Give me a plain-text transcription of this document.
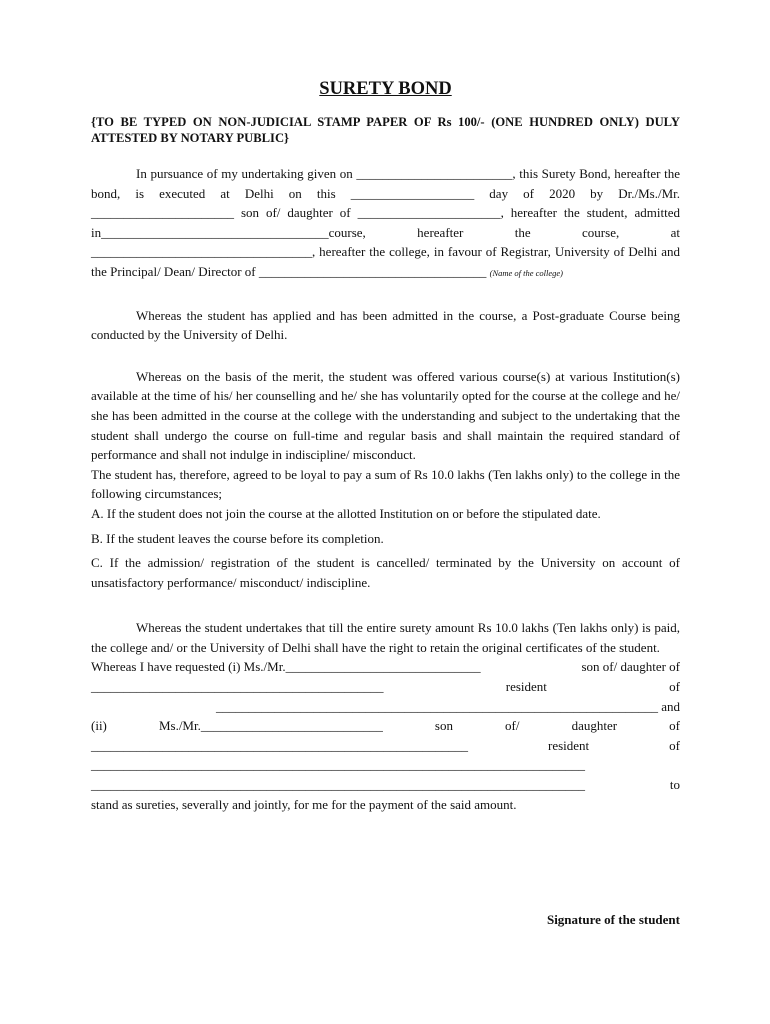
SURETY BOND
{TO BE TYPED ON NON-JUDICIAL STAMP PAPER OF Rs 100/- (ONE HUNDRED ONLY) DULY ATTESTED BY NOTARY PUBLIC}

In pursuance of my undertaking given on ________________________, this Surety Bond, hereafter the bond, is executed at Delhi on this ___________________ day of 2020 by Dr./Ms./Mr. ______________________ son of/ daughter of ______________________, hereafter the student, admitted in___________________________________course, hereafter the course, at __________________________________, hereafter the college, in favour of Registrar, University of Delhi and the Principal/ Dean/ Director of ___________________________________ (Name of the college)

Whereas the student has applied and has been admitted in the course, a Post-graduate Course being conducted by the University of Delhi.

Whereas on the basis of the merit, the student was offered various course(s) at various Institution(s) available at the time of his/ her counselling and he/ she has voluntarily opted for the course at the college and he/ she has been admitted in the course at the college with the understanding and subject to the undertaking that the student shall undergo the course on full-time and regular basis and shall maintain the required standard of performance and shall not indulge in indiscipline/ misconduct.

The student has, therefore, agreed to be loyal to pay a sum of Rs 10.0 lakhs (Ten lakhs only) to the college in the following circumstances;

A. If the student does not join the course at the allotted Institution on or before the stipulated date.

B. If the student leaves the course before its completion.

C. If the admission/ registration of the student is cancelled/ terminated by the University on account of unsatisfactory performance/ misconduct/ indiscipline.

Whereas the student undertakes that till the entire surety amount Rs 10.0 lakhs (Ten lakhs only) is paid, the college and/ or the University of Delhi shall have the right to retain the original certificates of the student.

Whereas I have requested (i) Ms./Mr.______________________________	son of/ daughter of
_____________________________________________	resident	of
____________________________________________________________________ and
(ii)	Ms./Mr.____________________________	son	of/	daughter	of
__________________________________________________________	resident	of
____________________________________________________________________________
____________________________________________________________________________	to
stand as sureties, severally and jointly, for me for the payment of the said amount.
Signature of the student
